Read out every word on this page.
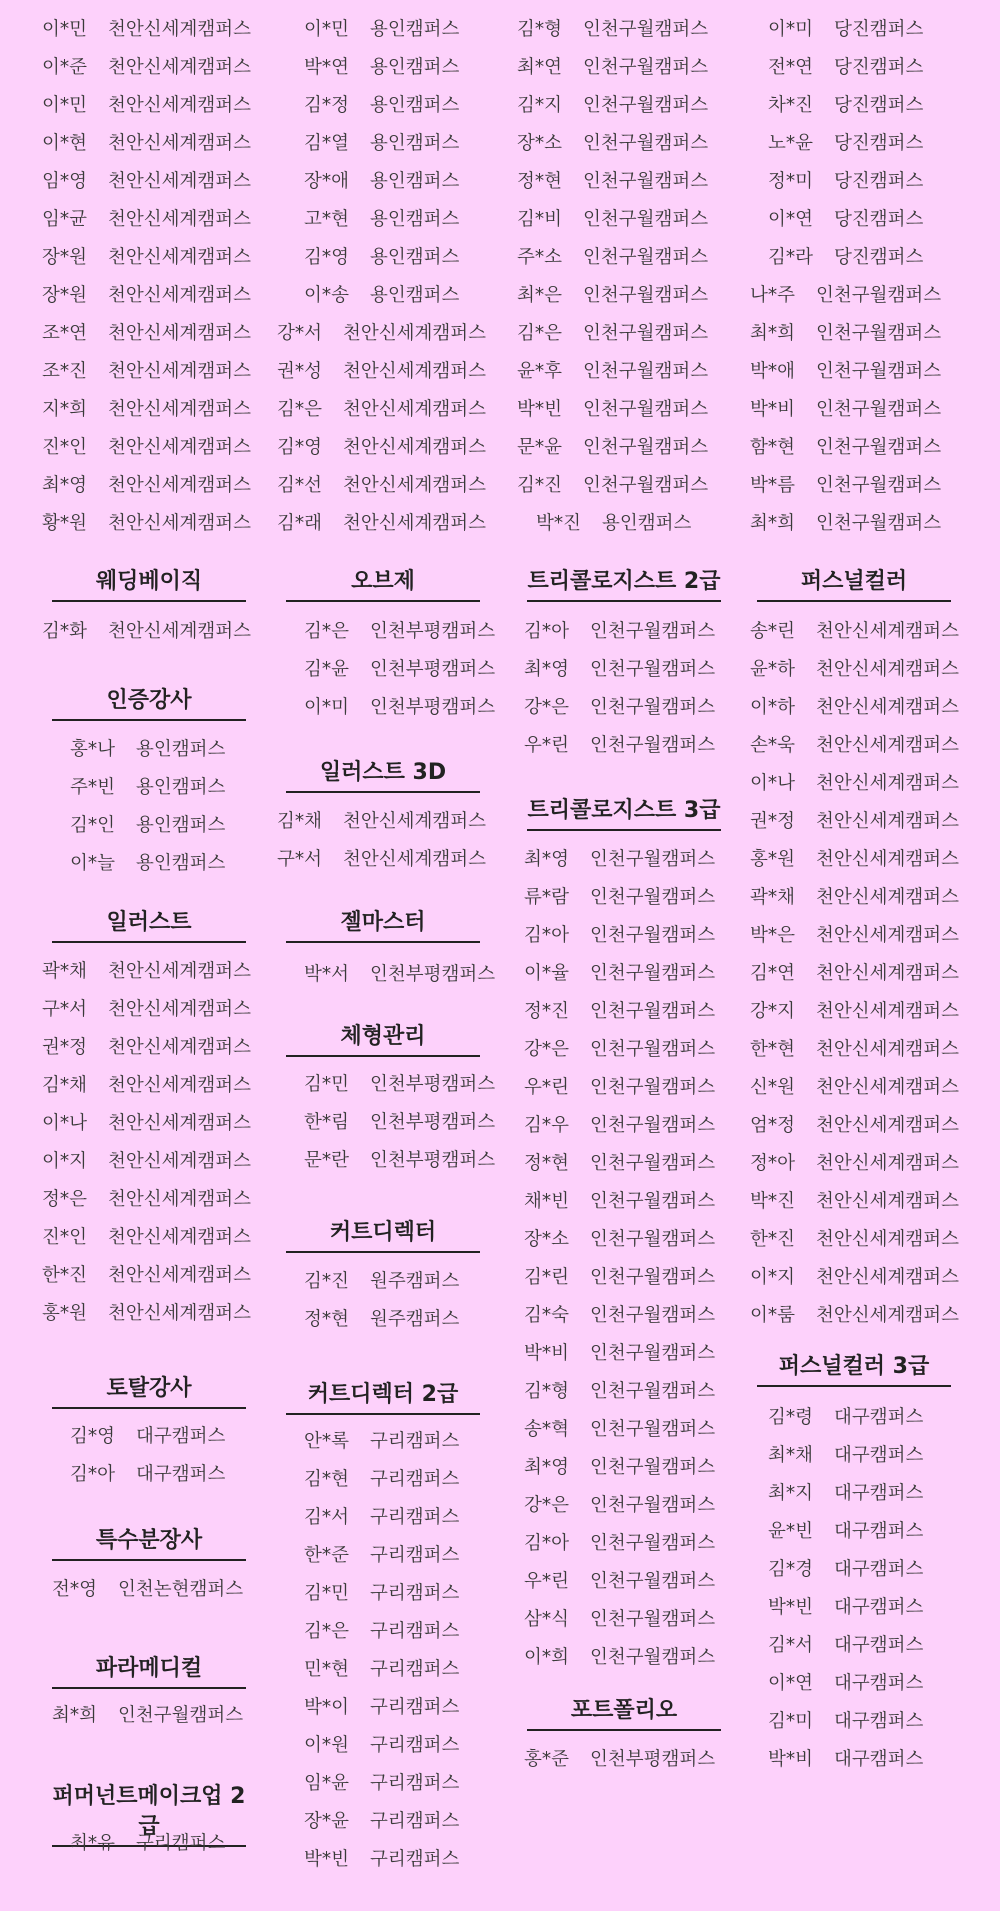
이*민 천안신세계캠퍼스
이*준 천안신세계캠퍼스
이*민 천안신세계캠퍼스
이*현 천안신세계캠퍼스
임*영 천안신세계캠퍼스
임*균 천안신세계캠퍼스
장*원 천안신세계캠퍼스
장*원 천안신세계캠퍼스
조*연 천안신세계캠퍼스
조*진 천안신세계캠퍼스
지*희 천안신세계캠퍼스
진*인 천안신세계캠퍼스
최*영 천안신세계캠퍼스
황*원 천안신세계캠퍼스
웨딩베이직
김*화 천안신세계캠퍼스
인증강사
홍*나 용인캠퍼스
주*빈 용인캠퍼스
김*인 용인캠퍼스
이*늘 용인캠퍼스
일러스트
곽*채 천안신세계캠퍼스
구*서 천안신세계캠퍼스
권*정 천안신세계캠퍼스
김*채 천안신세계캠퍼스
이*나 천안신세계캠퍼스
이*지 천안신세계캠퍼스
정*은 천안신세계캠퍼스
진*인 천안신세계캠퍼스
한*진 천안신세계캠퍼스
홍*원 천안신세계캠퍼스
토탈강사
김*영 대구캠퍼스
김*아 대구캠퍼스
특수분장사
전*영 인천논현캠퍼스
파라메디컬
최*희 인천구월캠퍼스
퍼머넌트메이크업 2급
최*유 구리캠퍼스
이*민 용인캠퍼스
박*연 용인캠퍼스
김*정 용인캠퍼스
김*열 용인캠퍼스
장*애 용인캠퍼스
고*현 용인캠퍼스
김*영 용인캠퍼스
이*송 용인캠퍼스
강*서 천안신세계캠퍼스
권*성 천안신세계캠퍼스
김*은 천안신세계캠퍼스
김*영 천안신세계캠퍼스
김*선 천안신세계캠퍼스
김*래 천안신세계캠퍼스
오브제
김*은 인천부평캠퍼스
김*윤 인천부평캠퍼스
이*미 인천부평캠퍼스
일러스트 3D
김*채 천안신세계캠퍼스
구*서 천안신세계캠퍼스
젤마스터
박*서 인천부평캠퍼스
체형관리
김*민 인천부평캠퍼스
한*림 인천부평캠퍼스
문*란 인천부평캠퍼스
커트디렉터
김*진 원주캠퍼스
정*현 원주캠퍼스
커트디렉터 2급
안*록 구리캠퍼스
김*현 구리캠퍼스
김*서 구리캠퍼스
한*준 구리캠퍼스
김*민 구리캠퍼스
김*은 구리캠퍼스
민*현 구리캠퍼스
박*이 구리캠퍼스
이*원 구리캠퍼스
임*윤 구리캠퍼스
장*윤 구리캠퍼스
박*빈 구리캠퍼스
김*형 인천구월캠퍼스
최*연 인천구월캠퍼스
김*지 인천구월캠퍼스
장*소 인천구월캠퍼스
정*현 인천구월캠퍼스
김*비 인천구월캠퍼스
주*소 인천구월캠퍼스
최*은 인천구월캠퍼스
김*은 인천구월캠퍼스
윤*후 인천구월캠퍼스
박*빈 인천구월캠퍼스
문*윤 인천구월캠퍼스
김*진 인천구월캠퍼스
박*진 용인캠퍼스
트리콜로지스트 2급
김*아 인천구월캠퍼스
최*영 인천구월캠퍼스
강*은 인천구월캠퍼스
우*린 인천구월캠퍼스
트리콜로지스트 3급
최*영 인천구월캠퍼스
류*람 인천구월캠퍼스
김*아 인천구월캠퍼스
이*율 인천구월캠퍼스
정*진 인천구월캠퍼스
강*은 인천구월캠퍼스
우*린 인천구월캠퍼스
김*우 인천구월캠퍼스
정*현 인천구월캠퍼스
채*빈 인천구월캠퍼스
장*소 인천구월캠퍼스
김*린 인천구월캠퍼스
김*숙 인천구월캠퍼스
박*비 인천구월캠퍼스
김*형 인천구월캠퍼스
송*혁 인천구월캠퍼스
최*영 인천구월캠퍼스
강*은 인천구월캠퍼스
김*아 인천구월캠퍼스
우*린 인천구월캠퍼스
삼*식 인천구월캠퍼스
이*희 인천구월캠퍼스
포트폴리오
홍*준 인천부평캠퍼스
이*미 당진캠퍼스
전*연 당진캠퍼스
차*진 당진캠퍼스
노*윤 당진캠퍼스
정*미 당진캠퍼스
이*연 당진캠퍼스
김*라 당진캠퍼스
나*주 인천구월캠퍼스
최*희 인천구월캠퍼스
박*애 인천구월캠퍼스
박*비 인천구월캠퍼스
함*현 인천구월캠퍼스
박*름 인천구월캠퍼스
최*희 인천구월캠퍼스
퍼스널컬러
송*린 천안신세계캠퍼스
윤*하 천안신세계캠퍼스
이*하 천안신세계캠퍼스
손*욱 천안신세계캠퍼스
이*나 천안신세계캠퍼스
권*정 천안신세계캠퍼스
홍*원 천안신세계캠퍼스
곽*채 천안신세계캠퍼스
박*은 천안신세계캠퍼스
김*연 천안신세계캠퍼스
강*지 천안신세계캠퍼스
한*현 천안신세계캠퍼스
신*원 천안신세계캠퍼스
엄*정 천안신세계캠퍼스
정*아 천안신세계캠퍼스
박*진 천안신세계캠퍼스
한*진 천안신세계캠퍼스
이*지 천안신세계캠퍼스
이*룸 천안신세계캠퍼스
퍼스널컬러 3급
김*령 대구캠퍼스
최*채 대구캠퍼스
최*지 대구캠퍼스
윤*빈 대구캠퍼스
김*경 대구캠퍼스
박*빈 대구캠퍼스
김*서 대구캠퍼스
이*연 대구캠퍼스
김*미 대구캠퍼스
박*비 대구캠퍼스
